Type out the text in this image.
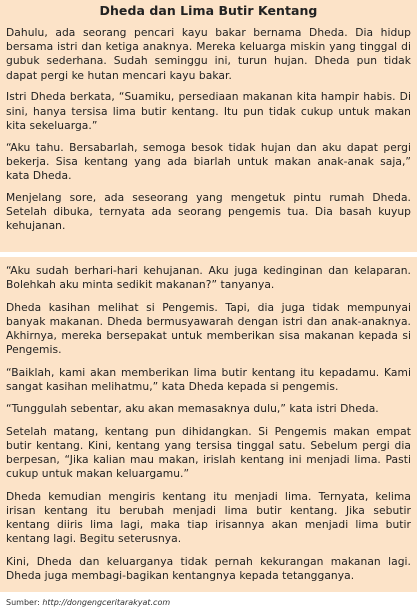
Dheda dan Lima Butir Kentang

Dahulu, ada seorang pencari kayu bakar bernama Dheda. Dia hidup bersama istri dan ketiga anaknya. Mereka keluarga miskin yang tinggal di gubuk sederhana. Sudah seminggu ini, turun hujan. Dheda pun tidak dapat pergi ke hutan mencari kayu bakar.

Istri Dheda berkata, “Suamiku, persediaan makanan kita hampir habis. Di sini, hanya tersisa lima butir kentang. Itu pun tidak cukup untuk makan kita sekeluarga.”

“Aku tahu. Bersabarlah, semoga besok tidak hujan dan aku dapat pergi bekerja. Sisa kentang yang ada biarlah untuk makan anak-anak saja,” kata Dheda.

Menjelang sore, ada seseorang yang mengetuk pintu rumah Dheda. Setelah dibuka, ternyata ada seorang pengemis tua. Dia basah kuyup kehujanan.

“Aku sudah berhari-hari kehujanan. Aku juga kedinginan dan kelaparan. Bolehkah aku minta sedikit makanan?” tanyanya.

Dheda kasihan melihat si Pengemis. Tapi, dia juga tidak mempunyai banyak makanan. Dheda bermusyawarah dengan istri dan anak-anaknya. Akhirnya, mereka bersepakat untuk memberikan sisa makanan kepada si Pengemis.

“Baiklah, kami akan memberikan lima butir kentang itu kepadamu. Kami sangat kasihan melihatmu,” kata Dheda kepada si pengemis.

“Tunggulah sebentar, aku akan memasaknya dulu,” kata istri Dheda.

Setelah matang, kentang pun dihidangkan. Si Pengemis makan empat butir kentang. Kini, kentang yang tersisa tinggal satu. Sebelum pergi dia berpesan, “Jika kalian mau makan, irislah kentang ini menjadi lima. Pasti cukup untuk makan keluargamu.”

Dheda kemudian mengiris kentang itu menjadi lima. Ternyata, kelima irisan kentang itu berubah menjadi lima butir kentang. Jika sebutir kentang diiris lima lagi, maka tiap irisannya akan menjadi lima butir kentang lagi. Begitu seterusnya.

Kini, Dheda dan keluarganya tidak pernah kekurangan makanan lagi. Dheda juga membagi-bagikan kentangnya kepada tetangganya.

Sumber: http://dongengceritarakyat.com
